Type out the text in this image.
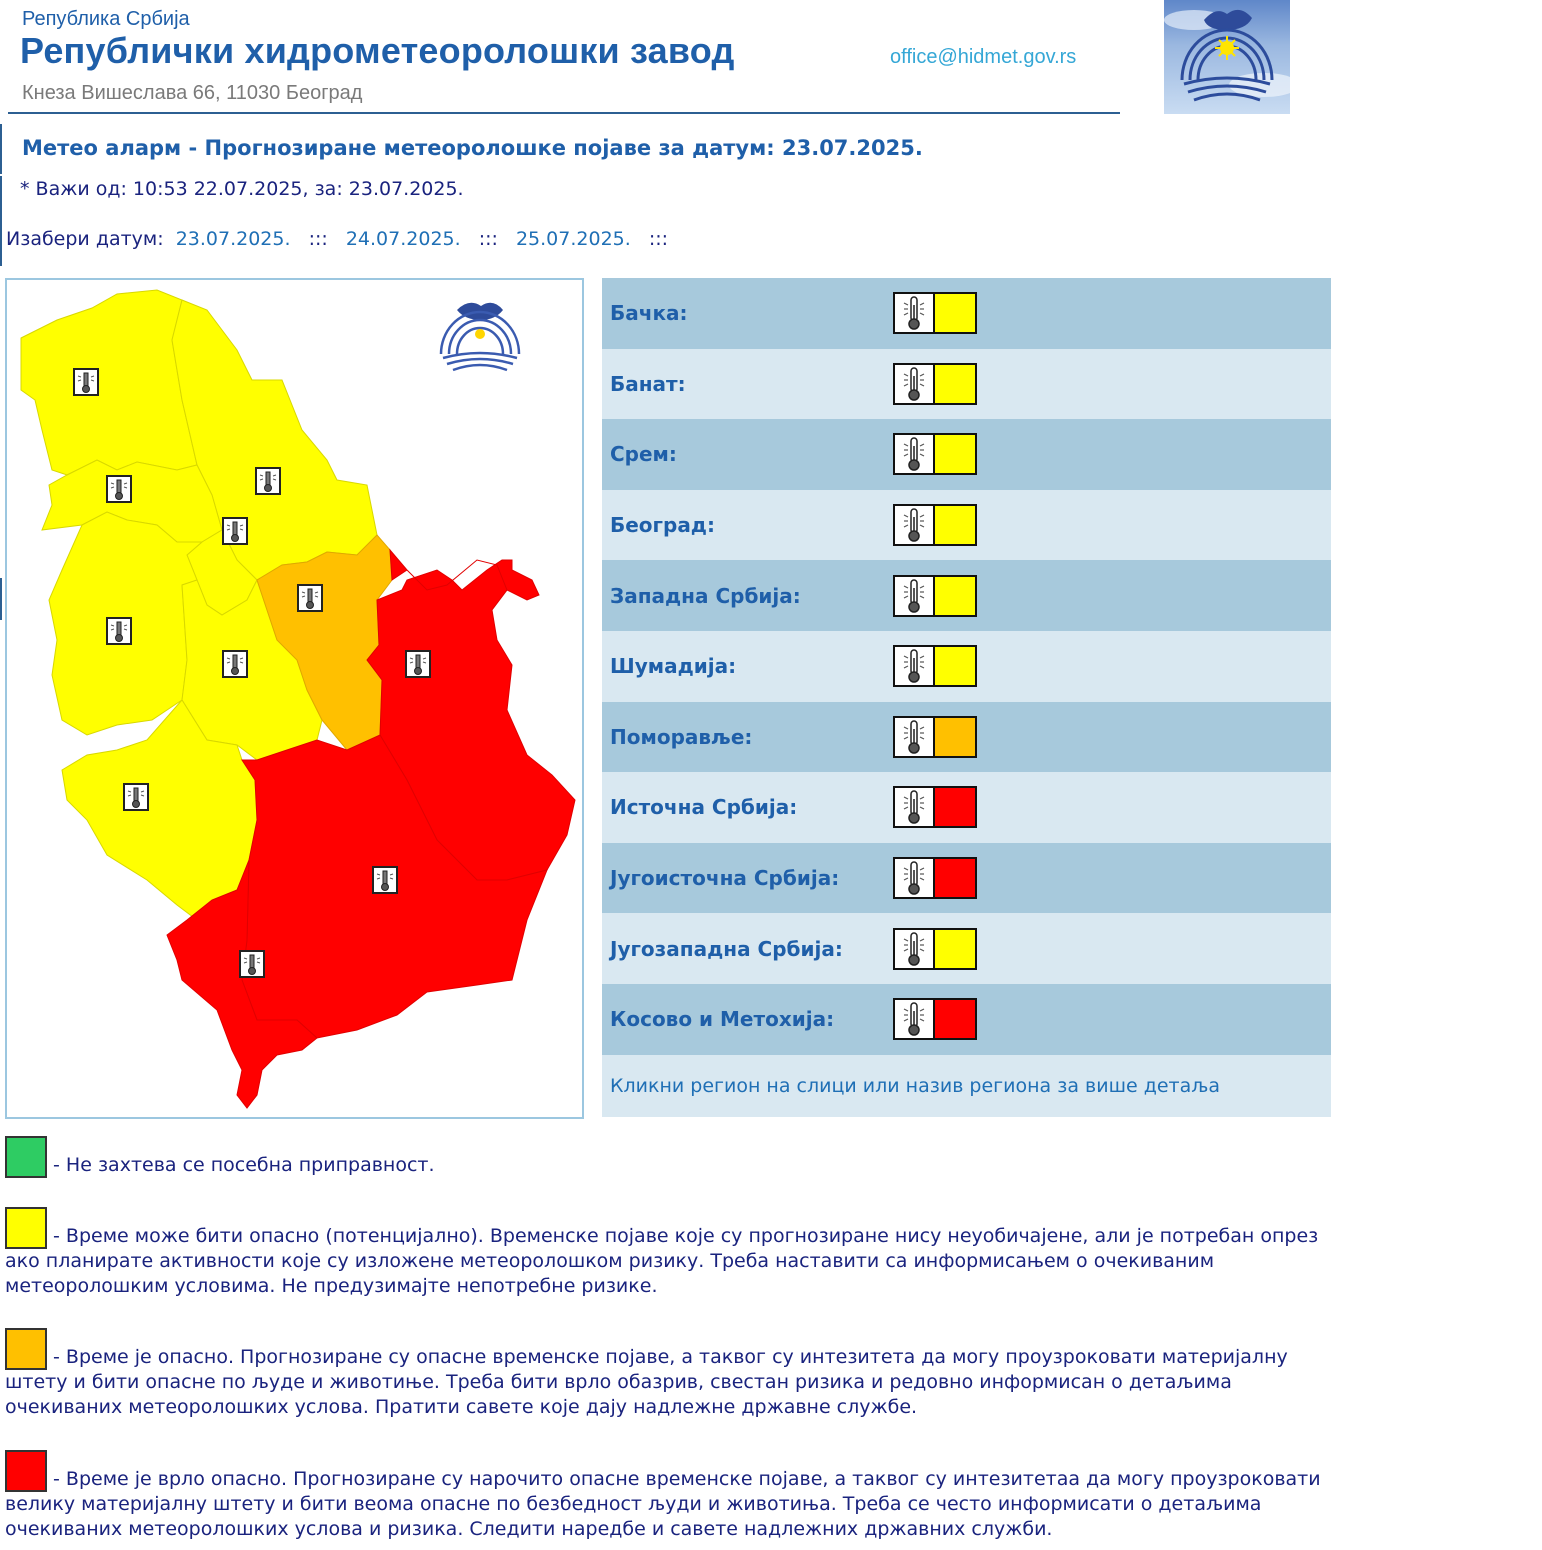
Република Србија
Републички хидрометеоролошки завод
Кнеза Вишеслава 66, 11030 Београд
office@hidmet.gov.rs
Метео аларм - Прогнозиране метеоролошке појаве за датум: 23.07.2025.
* Важи од: 10:53 22.07.2025, за: 23.07.2025.
Изабери датум: 23.07.2025. ::: 24.07.2025. ::: 25.07.2025. :::
Бачка:
Банат:
Срем:
Београд:
Западна Србија:
Шумадија:
Поморавље:
Источна Србија:
Југоисточна Србија:
Југозападна Србија:
Косово и Метохија:
Кликни регион на слици или назив региона за више детаља
- Не захтева се посебна приправност.
- Време може бити опасно (потенцијално). Временске појаве које су прогнозиране нису неуобичајене, али је потребан опрез ако планирате активности које су изложене метеоролошком ризику. Треба наставити са информисањем о очекиваним метеоролошким условима. Не предузимајте непотребне ризике.
- Време је опасно. Прогнозиране су опасне временске појаве, а таквог су интезитета да могу проузроковати материјалну штету и бити опасне по људе и животиње. Треба бити врло обазрив, свестан ризика и редовно информисан о детаљима очекиваних метеоролошких услова. Пратити савете које дају надлежне државне службе.
- Време је врло опасно. Прогнозиране су нарочито опасне временске појаве, а таквог су интезитетаа да могу проузроковати велику материјалну штету и бити веома опасне по безбедност људи и животиња. Треба се често информисати о детаљима очекиваних метеоролошких услова и ризика. Следити наредбе и савете надлежних државних служби.
